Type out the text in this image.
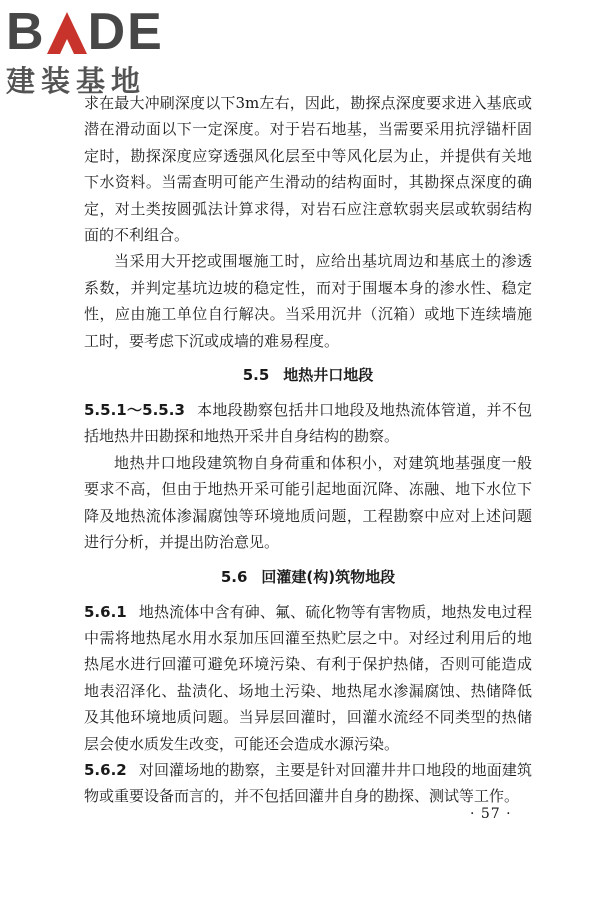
B DE
建装基地

求在最大冲刷深度以下3m左右，因此，勘探点深度要求进入基底或潜在滑动面以下一定深度。对于岩石地基，当需要采用抗浮锚杆固定时，勘探深度应穿透强风化层至中等风化层为止，并提供有关地下水资料。当需查明可能产生滑动的结构面时，其勘探点深度的确定，对土类按圆弧法计算求得，对岩石应注意软弱夹层或软弱结构面的不利组合。

当采用大开挖或围堰施工时，应给出基坑周边和基底土的渗透系数，并判定基坑边坡的稳定性，而对于围堰本身的渗水性、稳定性，应由施工单位自行解决。当采用沉井（沉箱）或地下连续墙施工时，要考虑下沉或成墙的难易程度。

5.5 地热井口地段

5.5.1～5.5.3 本地段勘察包括井口地段及地热流体管道，并不包括地热井田勘探和地热开采井自身结构的勘察。

地热井口地段建筑物自身荷重和体积小，对建筑地基强度一般要求不高，但由于地热开采可能引起地面沉降、冻融、地下水位下降及地热流体渗漏腐蚀等环境地质问题，工程勘察中应对上述问题进行分析，并提出防治意见。

5.6 回灌建(构)筑物地段

5.6.1 地热流体中含有砷、氟、硫化物等有害物质，地热发电过程中需将地热尾水用水泵加压回灌至热贮层之中。对经过利用后的地热尾水进行回灌可避免环境污染、有利于保护热储，否则可能造成地表沼泽化、盐渍化、场地土污染、地热尾水渗漏腐蚀、热储降低及其他环境地质问题。当异层回灌时，回灌水流经不同类型的热储层会使水质发生改变，可能还会造成水源污染。

5.6.2 对回灌场地的勘察，主要是针对回灌井井口地段的地面建筑物或重要设备而言的，并不包括回灌井自身的勘探、测试等工作。

· 57 ·
